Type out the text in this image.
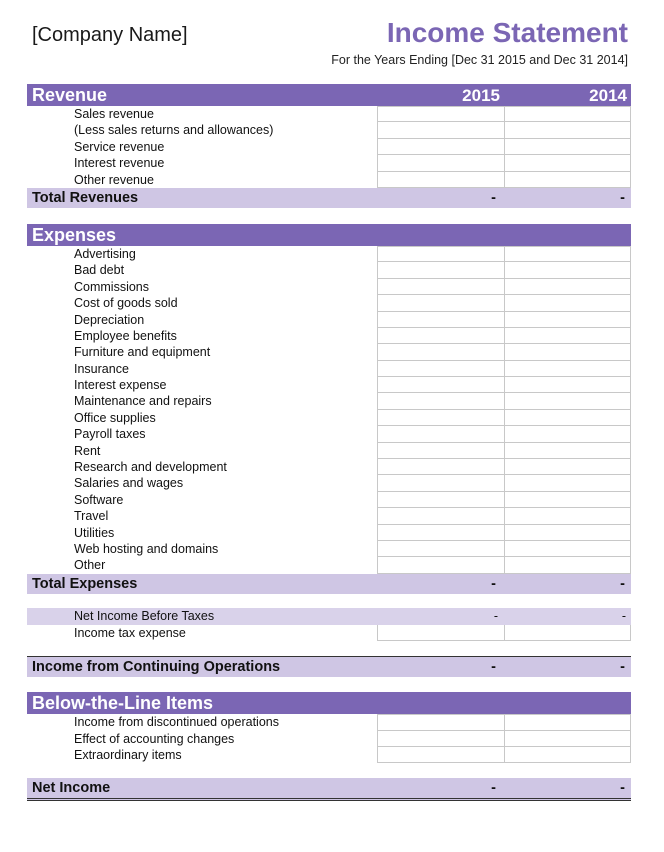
[Company Name]	Income Statement
For the Years Ending [Dec 31 2015 and Dec 31 2014]
Revenue	2015	2014
Sales revenue
(Less sales returns and allowances)
Service revenue
Interest revenue
Other revenue
Total Revenues	-	-
Expenses
Advertising
Bad debt
Commissions
Cost of goods sold
Depreciation
Employee benefits
Furniture and equipment
Insurance
Interest expense
Maintenance and repairs
Office supplies
Payroll taxes
Rent
Research and development
Salaries and wages
Software
Travel
Utilities
Web hosting and domains
Other
Total Expenses	-	-
Net Income Before Taxes	-	-
Income tax expense
Income from Continuing Operations	-	-
Below-the-Line Items
Income from discontinued operations
Effect of accounting changes
Extraordinary items
Net Income	-	-
